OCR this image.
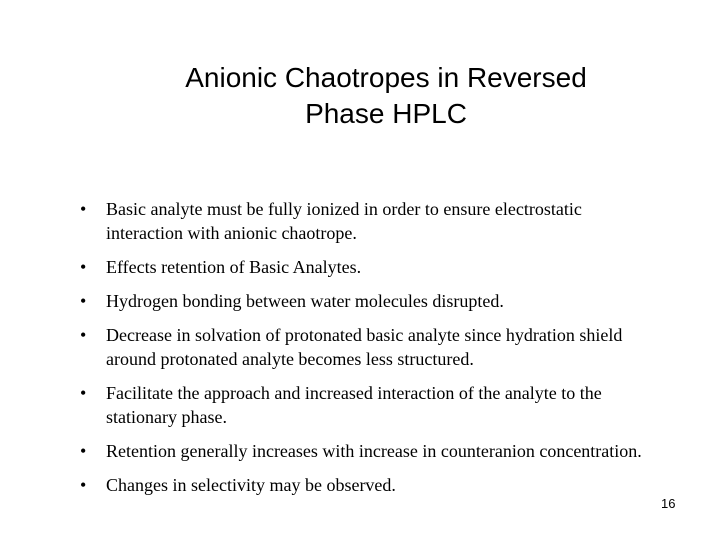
Anionic Chaotropes in Reversed
Phase HPLC
• Basic analyte must be fully ionized in order to ensure electrostatic
interaction with anionic chaotrope.
• Effects retention of Basic Analytes.
• Hydrogen bonding between water molecules disrupted.
• Decrease in solvation of protonated basic analyte since hydration shield
around protonated analyte becomes less structured.
• Facilitate the approach and increased interaction of the analyte to the
stationary phase.
• Retention generally increases with increase in counteranion concentration.
• Changes in selectivity may be observed.
16
